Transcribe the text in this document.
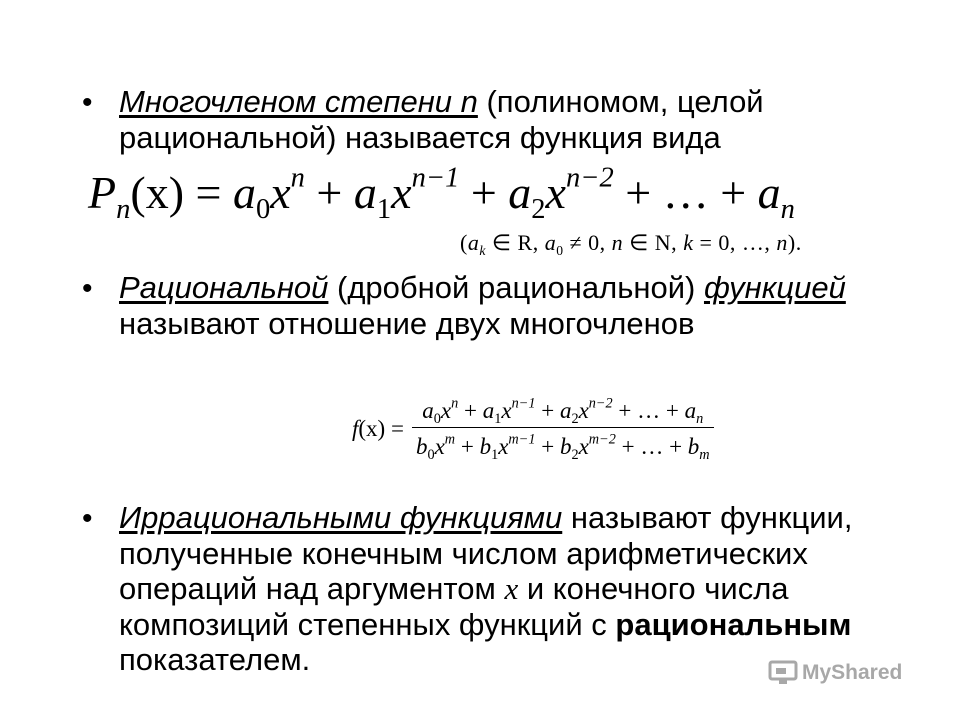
• Многочленом степени n (полиномом, целой рациональной) называется функция вида
$P_n(x) = a_0x^n + a_1x^{n-1} + a_2x^{n-2}$ + … + $a_n$
($a_k$ ∈ R, $a_0 \ne 0$, n ∈ N, k = 0, …, n).
• Рациональной (дробной рациональной) функцией называют отношение двух многочленов
$f(x) = \frac{a_0x^n + a_1x^{n-1} + a_2x^{n-2} + \dots + a_n}{b_0x^m + b_1x^{m-1} + b_2x^{m-2} + \dots + b_m}$
• Иррациональными функциями называют функции, полученные конечным числом арифметических операций над аргументом x и конечного числа композиций степенных функций с рациональным показателем.	MyShared
